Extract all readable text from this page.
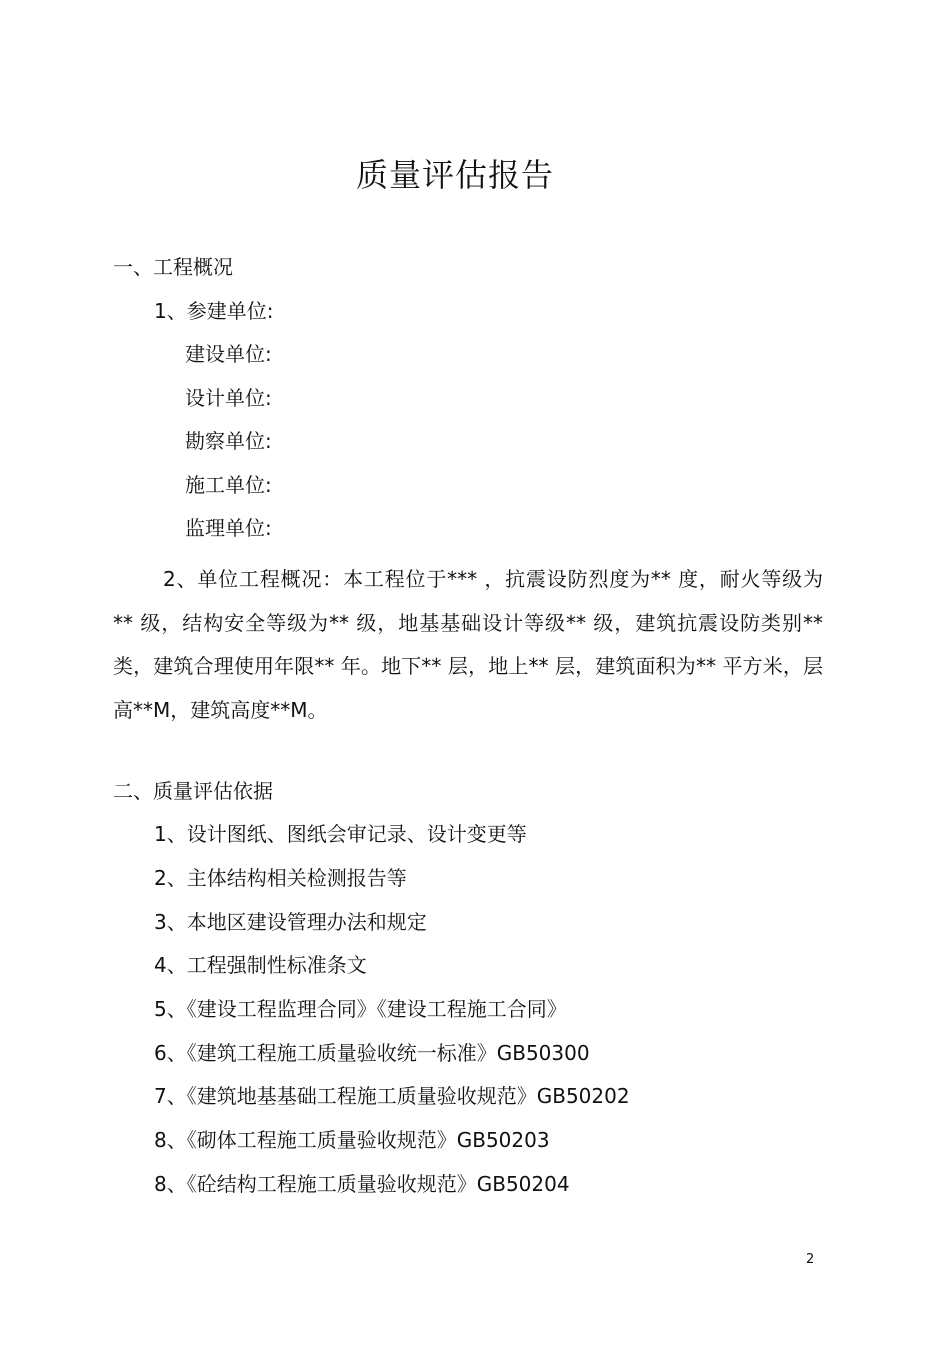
质量评估报告
一、工程概况
1、参建单位:
建设单位:
设计单位:
勘察单位:
施工单位:
监理单位:
2、单位工程概况：本工程位于*** ，抗震设防烈度为** 度，耐火等级为 ** 级，结构安全等级为** 级，地基基础设计等级** 级，建筑抗震设防类别** 类，建筑合理使用年限** 年。地下** 层，地上** 层，建筑面积为** 平方米，层高**M，建筑高度**M。
二、质量评估依据
1、设计图纸、图纸会审记录、设计变更等
2、主体结构相关检测报告等
3、本地区建设管理办法和规定
4、工程强制性标准条文
5、《建设工程监理合同》《建设工程施工合同》
6、《建筑工程施工质量验收统一标准》GB50300
7、《建筑地基基础工程施工质量验收规范》GB50202
8、《砌体工程施工质量验收规范》GB50203
8、《砼结构工程施工质量验收规范》GB50204
2
